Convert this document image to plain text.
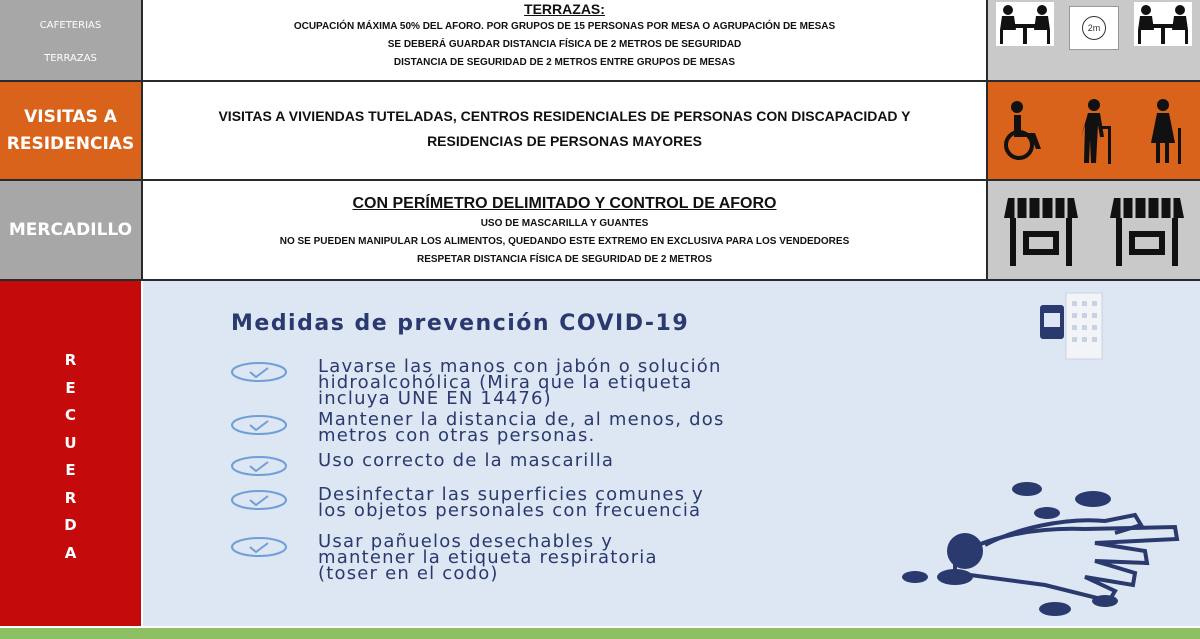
CAFETERIAS
TERRAZAS
TERRAZAS:
OCUPACIÓN MÁXIMA 50% DEL AFORO. POR GRUPOS DE 15 PERSONAS POR MESA O AGRUPACIÓN DE MESAS
SE DEBERÁ GUARDAR DISTANCIA FÍSICA DE 2 METROS DE SEGURIDAD
DISTANCIA DE SEGURIDAD DE 2 METROS ENTRE GRUPOS DE MESAS
2m
VISITAS A RESIDENCIAS
VISITAS A VIVIENDAS TUTELADAS, CENTROS RESIDENCIALES DE PERSONAS CON DISCAPACIDAD Y
RESIDENCIAS DE PERSONAS MAYORES
MERCADILLO
CON PERÍMETRO DELIMITADO Y CONTROL DE AFORO
USO DE MASCARILLA Y GUANTES
NO SE PUEDEN MANIPULAR LOS ALIMENTOS, QUEDANDO ESTE EXTREMO EN EXCLUSIVA PARA LOS VENDEDORES
RESPETAR DISTANCIA FÍSICA DE SEGURIDAD DE 2 METROS
R
E
C
U
E
R
D
A
Medidas de prevención COVID-19
Lavarse las manos con jabón o solución
hidroalcohólica (Mira que la etiqueta
incluya UNE EN 14476)
Mantener la distancia de, al menos, dos
metros con otras personas.
Uso correcto de la mascarilla
Desinfectar las superficies comunes y
los objetos personales con frecuencia
Usar pañuelos desechables y
mantener la etiqueta respiratoria
(toser en el codo)
